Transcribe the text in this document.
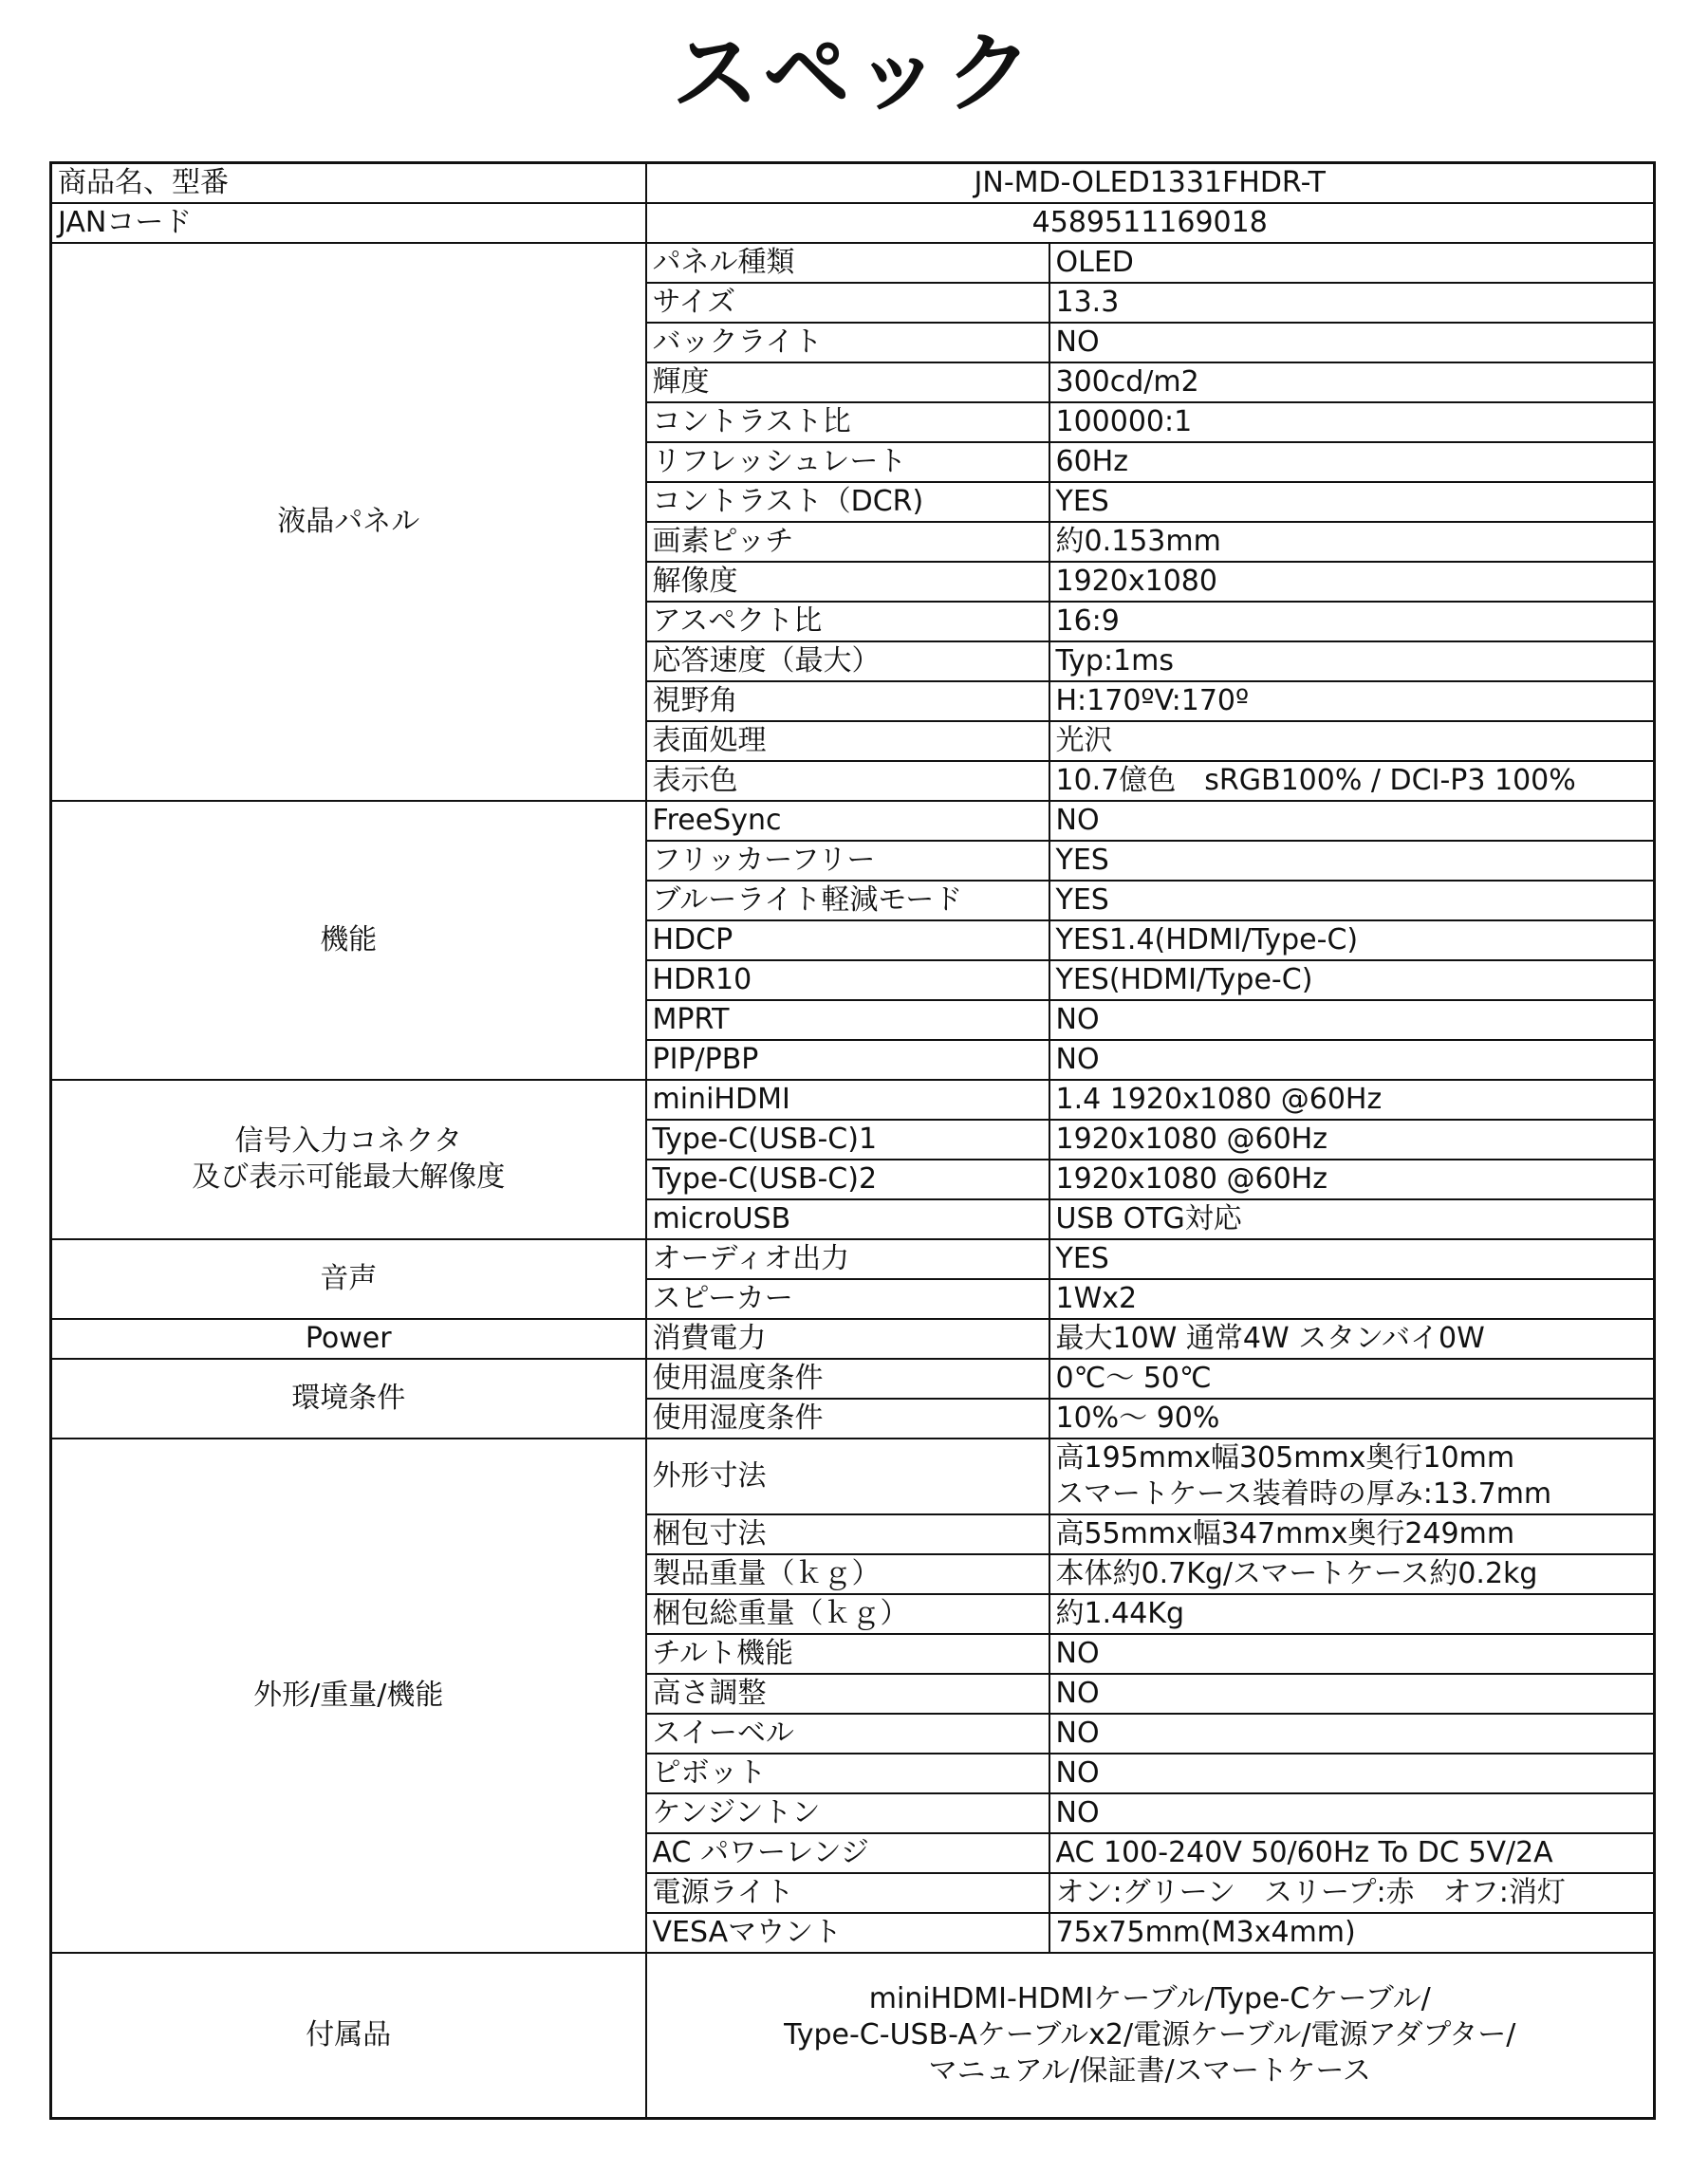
スペック
商品名、型番	JN-MD-OLED1331FHDR-T	
JANコード	4589511169018	

液晶パネル	パネル種類	OLED

	サイズ	13.3

	バックライト	NO

	輝度	300cd/m2

	コントラスト比	100000:1

	リフレッシュレート	60Hz

	コントラスト（DCR)	YES

	画素ピッチ	約0.153mm

	解像度	1920x1080

	アスペクト比	16:9

	応答速度（最大）	Typ:1ms

	視野角	H:170ºV:170º

	表面処理	光沢

	表示色	10.7億色　sRGB100% / DCI-P3 100%

機能	FreeSync	NO

	フリッカーフリー	YES

	ブルーライト軽減モード	YES

	HDCP	YES1.4(HDMI/Type-C)

	HDR10	YES(HDMI/Type-C)

	MPRT	NO

	PIP/PBP	NO

信号入力コネクタ
及び表示可能最大解像度	miniHDMI	1.4 1920x1080 @60Hz

	Type-C(USB-C)1	1920x1080 @60Hz

	Type-C(USB-C)2	1920x1080 @60Hz

	microUSB	USB OTG対応

音声	オーディオ出力	YES

	スピーカー	1Wx2

Power	消費電力	最大10W 通常4W スタンバイ0W

環境条件	使用温度条件	0℃～ 50℃

	使用湿度条件	10%～ 90%

外形/重量/機能	外形寸法	高195mmx幅305mmx奥行10mm
スマートケース装着時の厚み:13.7mm

	梱包寸法	高55mmx幅347mmx奥行249mm

	製品重量（ｋｇ）	本体約0.7Kg/スマートケース約0.2kg

	梱包総重量（ｋｇ）	約1.44Kg

	チルト機能	NO

	高さ調整	NO

	スイーベル	NO

	ピボット	NO

	ケンジントン	NO

	AC パワーレンジ	AC 100-240V 50/60Hz To DC 5V/2A

	電源ライト	オン:グリーン　スリープ:赤　オフ:消灯

	VESAマウント	75x75mm(M3x4mm)

付属品	miniHDMI-HDMIケーブル/Type-Cケーブル/
Type-C-USB-Aケーブルx2/電源ケーブル/電源アダプター/
マニュアル/保証書/スマートケース	
